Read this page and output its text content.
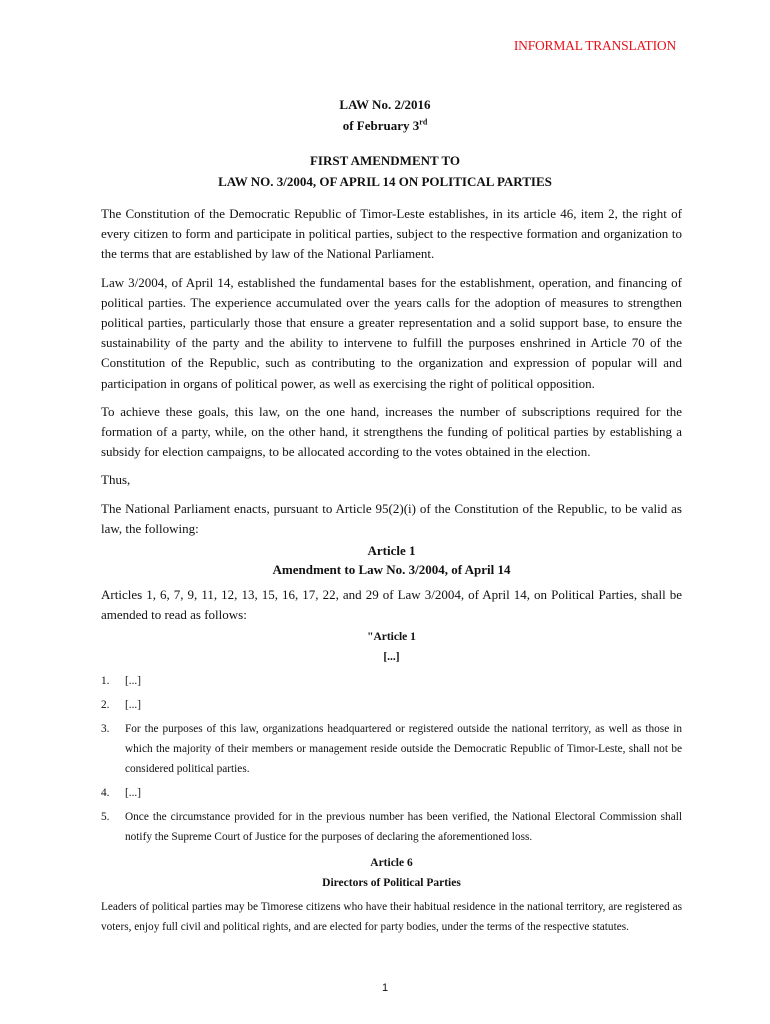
INFORMAL TRANSLATION
LAW No. 2/2016
of February 3rd
FIRST AMENDMENT TO
LAW NO. 3/2004, OF APRIL 14 ON POLITICAL PARTIES

The Constitution of the Democratic Republic of Timor-Leste establishes, in its article 46, item 2, the right of every citizen to form and participate in political parties, subject to the respective formation and organization to the terms that are established by law of the National Parliament.

Law 3/2004, of April 14, established the fundamental bases for the establishment, operation, and financing of political parties. The experience accumulated over the years calls for the adoption of measures to strengthen political parties, particularly those that ensure a greater representation and a solid support base, to ensure the sustainability of the party and the ability to intervene to fulfill the purposes enshrined in Article 70 of the Constitution of the Republic, such as contributing to the organization and expression of popular will and participation in organs of political power, as well as exercising the right of political opposition.

To achieve these goals, this law, on the one hand, increases the number of subscriptions required for the formation of a party, while, on the other hand, it strengthens the funding of political parties by establishing a subsidy for election campaigns, to be allocated according to the votes obtained in the election.

Thus,

The National Parliament enacts, pursuant to Article 95(2)(i) of the Constitution of the Republic, to be valid as law, the following:

Article 1
Amendment to Law No. 3/2004, of April 14

Articles 1, 6, 7, 9, 11, 12, 13, 15, 16, 17, 22, and 29 of Law 3/2004, of April 14, on Political Parties, shall be amended to read as follows:

"Article 1
[...]
1.	[...]
2.	[...]
3.	For the purposes of this law, organizations headquartered or registered outside the national territory, as well as those in which the majority of their members or management reside outside the Democratic Republic of Timor-Leste, shall not be considered political parties.
4.	[...]
5.	Once the circumstance provided for in the previous number has been verified, the National Electoral Commission shall notify the Supreme Court of Justice for the purposes of declaring the aforementioned loss.
Article 6
Directors of Political Parties

Leaders of political parties may be Timorese citizens who have their habitual residence in the national territory, are registered as voters, enjoy full civil and political rights, and are elected for party bodies, under the terms of the respective statutes.

1
